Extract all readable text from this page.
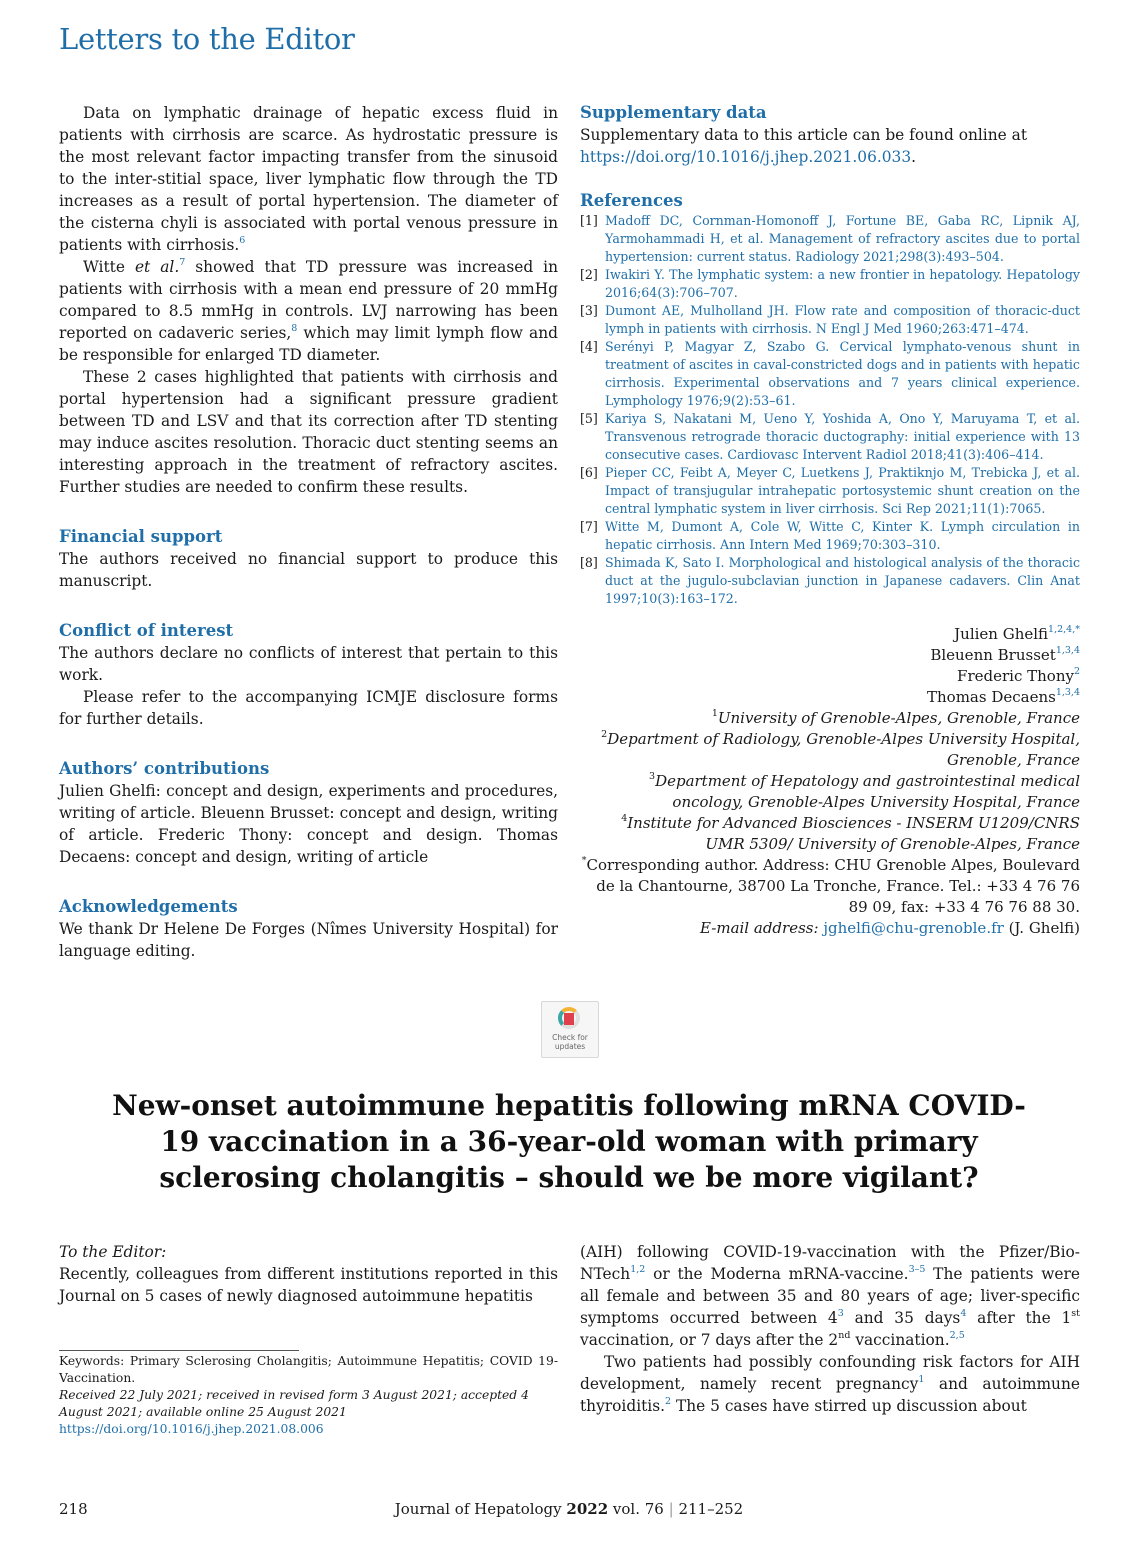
Letters to the Editor

Data on lymphatic drainage of hepatic excess fluid in patients with cirrhosis are scarce. As hydrostatic pressure is the most relevant factor impacting transfer from the sinusoid to the inter-stitial space, liver lymphatic flow through the TD increases as a result of portal hypertension. The diameter of the cisterna chyli is associated with portal venous pressure in patients with cirrhosis.$^6$

Witte et al.$^7$ showed that TD pressure was increased in patients with cirrhosis with a mean end pressure of 20 mmHg compared to 8.5 mmHg in controls. LVJ narrowing has been reported on cadaveric series,$^8$ which may limit lymph flow and be responsible for enlarged TD diameter.

These 2 cases highlighted that patients with cirrhosis and portal hypertension had a significant pressure gradient between TD and LSV and that its correction after TD stenting may induce ascites resolution. Thoracic duct stenting seems an interesting approach in the treatment of refractory ascites. Further studies are needed to confirm these results.

Financial support

The authors received no financial support to produce this manuscript.

Conflict of interest

The authors declare no conflicts of interest that pertain to this work.

Please refer to the accompanying ICMJE disclosure forms for further details.

Authors’ contributions

Julien Ghelfi: concept and design, experiments and procedures, writing of article. Bleuenn Brusset: concept and design, writing of article. Frederic Thony: concept and design. Thomas Decaens: concept and design, writing of article

Acknowledgements

We thank Dr Helene De Forges (Nîmes University Hospital) for language editing.

Supplementary data

Supplementary data to this article can be found online at https://doi.org/10.1016/j.jhep.2021.06.033.

References
[1] Madoff DC, Cornman-Homonoff J, Fortune BE, Gaba RC, Lipnik AJ, Yarmohammadi H, et al. Management of refractory ascites due to portal hypertension: current status. Radiology 2021;298(3):493–504.
[2] Iwakiri Y. The lymphatic system: a new frontier in hepatology. Hepatology 2016;64(3):706–707.
[3] Dumont AE, Mulholland JH. Flow rate and composition of thoracic-duct lymph in patients with cirrhosis. N Engl J Med 1960;263:471–474.
[4] Serényi P, Magyar Z, Szabo G. Cervical lymphato-venous shunt in treatment of ascites in caval-constricted dogs and in patients with hepatic cirrhosis. Experimental observations and 7 years clinical experience. Lymphology 1976;9(2):53–61.
[5] Kariya S, Nakatani M, Ueno Y, Yoshida A, Ono Y, Maruyama T, et al. Transvenous retrograde thoracic ductography: initial experience with 13 consecutive cases. Cardiovasc Intervent Radiol 2018;41(3):406–414.
[6] Pieper CC, Feibt A, Meyer C, Luetkens J, Praktiknjo M, Trebicka J, et al. Impact of transjugular intrahepatic portosystemic shunt creation on the central lymphatic system in liver cirrhosis. Sci Rep 2021;11(1):7065.
[7] Witte M, Dumont A, Cole W, Witte C, Kinter K. Lymph circulation in hepatic cirrhosis. Ann Intern Med 1969;70:303–310.
[8] Shimada K, Sato I. Morphological and histological analysis of the thoracic duct at the jugulo-subclavian junction in Japanese cadavers. Clin Anat 1997;10(3):163–172.
Julien Ghelfi$^{1,2,4,*}$
Bleuenn Brusset$^{1,3,4}$
Frederic Thony$^2$
Thomas Decaens$^{1,3,4}$
$^1$University of Grenoble-Alpes, Grenoble, France
$^2$Department of Radiology, Grenoble-Alpes University Hospital, Grenoble, France
$^3$Department of Hepatology and gastrointestinal medical oncology, Grenoble-Alpes University Hospital, France
$^4$Institute for Advanced Biosciences - INSERM U1209/CNRS UMR 5309/ University of Grenoble-Alpes, France
*Corresponding author. Address: CHU Grenoble Alpes, Boulevard de la Chantourne, 38700 La Tronche, France. Tel.: +33 4 76 76 89 09, fax: +33 4 76 76 88 30.
E-mail address: jghelfi@chu-grenoble.fr (J. Ghelfi)
Check for updates
New-onset autoimmune hepatitis following mRNA COVID-19 vaccination in a 36-year-old woman with primary sclerosing cholangitis – should we be more vigilant?

To the Editor:

Recently, colleagues from different institutions reported in this Journal on 5 cases of newly diagnosed autoimmune hepatitis

(AIH) following COVID-19-vaccination with the Pfizer/Bio-NTech$^{1,2}$ or the Moderna mRNA-vaccine.$^{3-5}$ The patients were all female and between 35 and 80 years of age; liver-specific symptoms occurred between 4$^3$ and 35 days$^4$ after the 1st vaccination, or 7 days after the 2nd vaccination.$^{2,5}$

Two patients had possibly confounding risk factors for AIH development, namely recent pregnancy$^1$ and autoimmune thyroiditis.$^2$ The 5 cases have stirred up discussion about

Keywords: Primary Sclerosing Cholangitis; Autoimmune Hepatitis; COVID 19-Vaccination.
Received 22 July 2021; received in revised form 3 August 2021; accepted 4 August 2021; available online 25 August 2021
https://doi.org/10.1016/j.jhep.2021.08.006
218	Journal of Hepatology 2022 vol. 76 | 211–252
